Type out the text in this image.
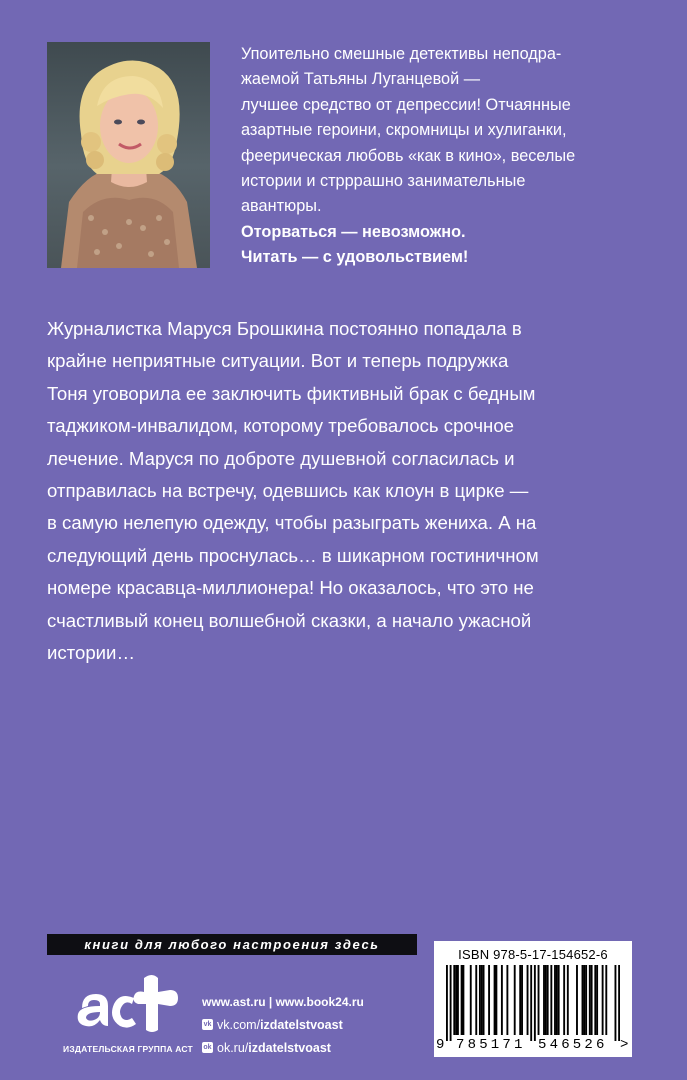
Упоительно смешные детективы неподра-
жаемой Татьяны Луганцевой —
лучшее средство от депрессии! Отчаянные
азартные героини, скромницы и хулиганки,
феерическая любовь «как в кино», веселые
истории и стрррашно занимательные
авантюры.
Оторваться — невозможно.
Читать — с удовольствием!

Журналистка Маруся Брошкина постоянно попадала в
крайне неприятные ситуации. Вот и теперь подружка
Тоня уговорила ее заключить фиктивный брак с бедным
таджиком-инвалидом, которому требовалось срочное
лечение. Маруся по доброте душевной согласилась и
отправилась на встречу, одевшись как клоун в цирке —
в самую нелепую одежду, чтобы разыграть жениха. А на
следующий день проснулась… в шикарном гостиничном
номере красавца-миллионера! Но оказалось, что это не
счастливый конец волшебной сказки, а начало ужасной
истории…

книги для любого настроения здесь
ИЗДАТЕЛЬСКАЯ ГРУППА АСТ
www.ast.ru | www.book24.ru
vk vk.com/ izdatelstvoast
ok ok.ru/ izdatelstvoast
ISBN 978-5-17-154652-6
9 785171 546526 >
